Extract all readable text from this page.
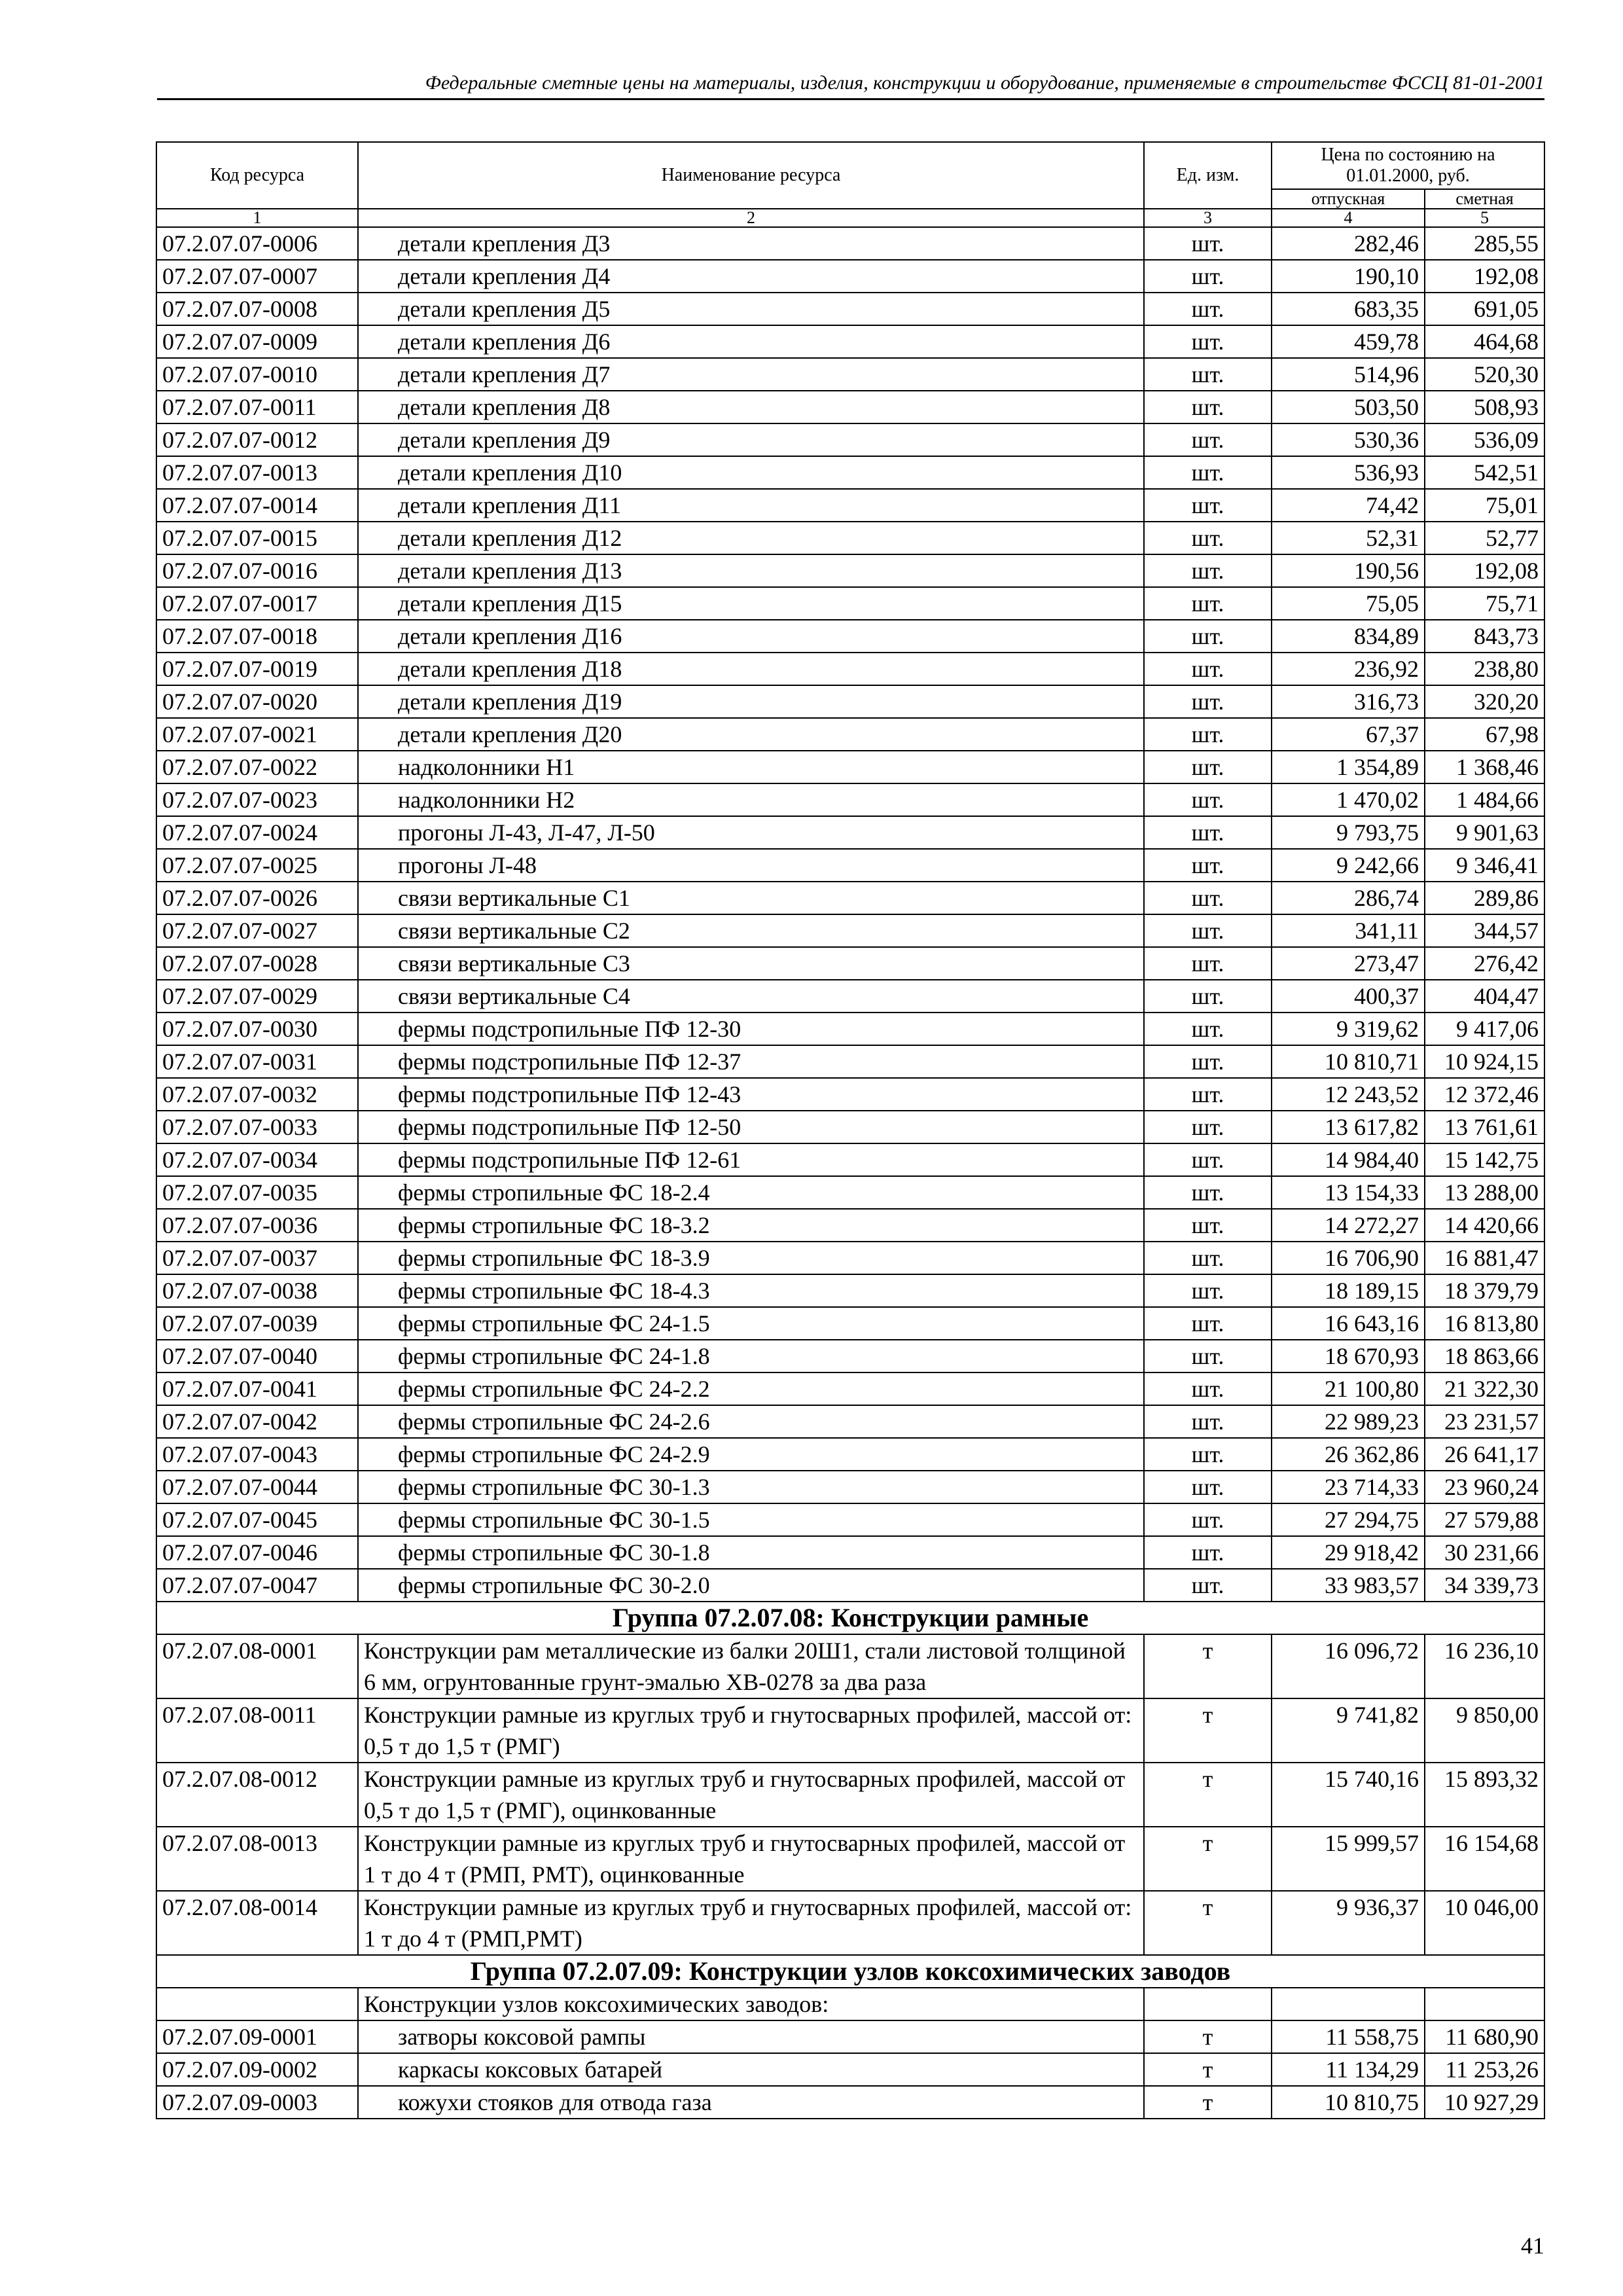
Федеральные сметные цены на материалы, изделия, конструкции и оборудование, применяемые в строительстве ФССЦ 81-01-2001
Код ресурса	Наименование ресурса	Ед. изм.	Цена по состоянию на 01.01.2000, руб.	
			отпускная	сметная
1	2	3	4	5
07.2.07.07-0006	детали крепления Д3	шт.	282,46	285,55
07.2.07.07-0007	детали крепления Д4	шт.	190,10	192,08
07.2.07.07-0008	детали крепления Д5	шт.	683,35	691,05
07.2.07.07-0009	детали крепления Д6	шт.	459,78	464,68
07.2.07.07-0010	детали крепления Д7	шт.	514,96	520,30
07.2.07.07-0011	детали крепления Д8	шт.	503,50	508,93
07.2.07.07-0012	детали крепления Д9	шт.	530,36	536,09
07.2.07.07-0013	детали крепления Д10	шт.	536,93	542,51
07.2.07.07-0014	детали крепления Д11	шт.	74,42	75,01
07.2.07.07-0015	детали крепления Д12	шт.	52,31	52,77
07.2.07.07-0016	детали крепления Д13	шт.	190,56	192,08
07.2.07.07-0017	детали крепления Д15	шт.	75,05	75,71
07.2.07.07-0018	детали крепления Д16	шт.	834,89	843,73
07.2.07.07-0019	детали крепления Д18	шт.	236,92	238,80
07.2.07.07-0020	детали крепления Д19	шт.	316,73	320,20
07.2.07.07-0021	детали крепления Д20	шт.	67,37	67,98
07.2.07.07-0022	надколонники Н1	шт.	1 354,89	1 368,46
07.2.07.07-0023	надколонники Н2	шт.	1 470,02	1 484,66
07.2.07.07-0024	прогоны Л-43, Л-47, Л-50	шт.	9 793,75	9 901,63
07.2.07.07-0025	прогоны Л-48	шт.	9 242,66	9 346,41
07.2.07.07-0026	связи вертикальные С1	шт.	286,74	289,86
07.2.07.07-0027	связи вертикальные С2	шт.	341,11	344,57
07.2.07.07-0028	связи вертикальные С3	шт.	273,47	276,42
07.2.07.07-0029	связи вертикальные С4	шт.	400,37	404,47
07.2.07.07-0030	фермы подстропильные ПФ 12-30	шт.	9 319,62	9 417,06
07.2.07.07-0031	фермы подстропильные ПФ 12-37	шт.	10 810,71	10 924,15
07.2.07.07-0032	фермы подстропильные ПФ 12-43	шт.	12 243,52	12 372,46
07.2.07.07-0033	фермы подстропильные ПФ 12-50	шт.	13 617,82	13 761,61
07.2.07.07-0034	фермы подстропильные ПФ 12-61	шт.	14 984,40	15 142,75
07.2.07.07-0035	фермы стропильные ФС 18-2.4	шт.	13 154,33	13 288,00
07.2.07.07-0036	фермы стропильные ФС 18-3.2	шт.	14 272,27	14 420,66
07.2.07.07-0037	фермы стропильные ФС 18-3.9	шт.	16 706,90	16 881,47
07.2.07.07-0038	фермы стропильные ФС 18-4.3	шт.	18 189,15	18 379,79
07.2.07.07-0039	фермы стропильные ФС 24-1.5	шт.	16 643,16	16 813,80
07.2.07.07-0040	фермы стропильные ФС 24-1.8	шт.	18 670,93	18 863,66
07.2.07.07-0041	фермы стропильные ФС 24-2.2	шт.	21 100,80	21 322,30
07.2.07.07-0042	фермы стропильные ФС 24-2.6	шт.	22 989,23	23 231,57
07.2.07.07-0043	фермы стропильные ФС 24-2.9	шт.	26 362,86	26 641,17
07.2.07.07-0044	фермы стропильные ФС 30-1.3	шт.	23 714,33	23 960,24
07.2.07.07-0045	фермы стропильные ФС 30-1.5	шт.	27 294,75	27 579,88
07.2.07.07-0046	фермы стропильные ФС 30-1.8	шт.	29 918,42	30 231,66
07.2.07.07-0047	фермы стропильные ФС 30-2.0	шт.	33 983,57	34 339,73
Группа 07.2.07.08: Конструкции рамные				
07.2.07.08-0001	Конструкции рам металлические из балки 20Ш1, стали листовой толщиной 6 мм, огрунтованные грунт-эмалью ХВ-0278 за два раза	т	16 096,72	16 236,10
07.2.07.08-0011	Конструкции рамные из круглых труб и гнутосварных профилей, массой от: 0,5 т до 1,5 т (РМГ)	т	9 741,82	9 850,00
07.2.07.08-0012	Конструкции рамные из круглых труб и гнутосварных профилей, массой от 0,5 т до 1,5 т (РМГ), оцинкованные	т	15 740,16	15 893,32
07.2.07.08-0013	Конструкции рамные из круглых труб и гнутосварных профилей, массой от 1 т до 4 т (РМП, РМТ), оцинкованные	т	15 999,57	16 154,68
07.2.07.08-0014	Конструкции рамные из круглых труб и гнутосварных профилей, массой от: 1 т до 4 т (РМП,РМТ)	т	9 936,37	10 046,00
Группа 07.2.07.09: Конструкции узлов коксохимических заводов				
	Конструкции узлов коксохимических заводов:			
07.2.07.09-0001	затворы коксовой рампы	т	11 558,75	11 680,90
07.2.07.09-0002	каркасы коксовых батарей	т	11 134,29	11 253,26
07.2.07.09-0003	кожухи стояков для отвода газа	т	10 810,75	10 927,29
41
